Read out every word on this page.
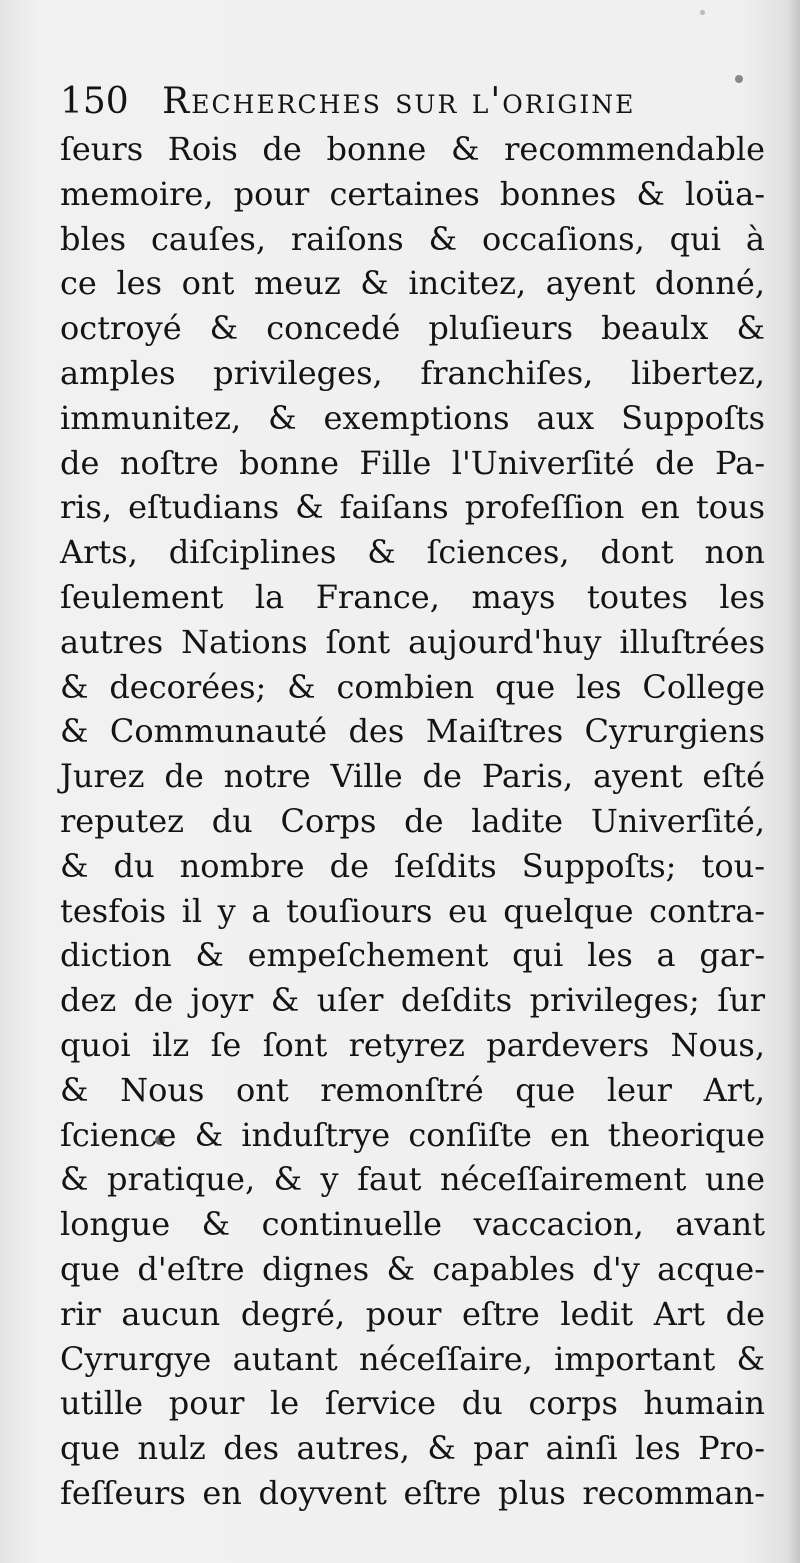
150 Recherches sur l'origine
ſeurs Rois de bonne & recommendable
memoire, pour certaines bonnes & loüa-
bles cauſes, raiſons & occaſions, qui à
ce les ont meuz & incitez, ayent donné,
octroyé & concedé pluſieurs beaulx &
amples privileges, franchiſes, libertez,
immunitez, & exemptions aux Suppoſts
de noſtre bonne Fille l'Univerſité de Pa-
ris, eſtudians & faiſans profeſſion en tous
Arts, diſciplines & ſciences, dont non
ſeulement la France, mays toutes les
autres Nations ſont aujourd'huy illuſtrées
& decorées; & combien que les College
& Communauté des Maiſtres Cyrurgiens
Jurez de notre Ville de Paris, ayent eſté
reputez du Corps de ladite Univerſité,
& du nombre de ſeſdits Suppoſts; tou-
tesfois il y a touſiours eu quelque contra-
diction & empeſchement qui les a gar-
dez de joyr & uſer deſdits privileges; ſur
quoi ilz ſe ſont retyrez pardevers Nous,
& Nous ont remonſtré que leur Art,
ſcience & induſtrye conſiſte en theorique
& pratique, & y faut néceſſairement une
longue & continuelle vaccacion, avant
que d'eſtre dignes & capables d'y acque-
rir aucun degré, pour eſtre ledit Art de
Cyrurgye autant néceſſaire, important &
utille pour le ſervice du corps humain
que nulz des autres, & par ainſi les Pro-
feſſeurs en doyvent eſtre plus recomman-
